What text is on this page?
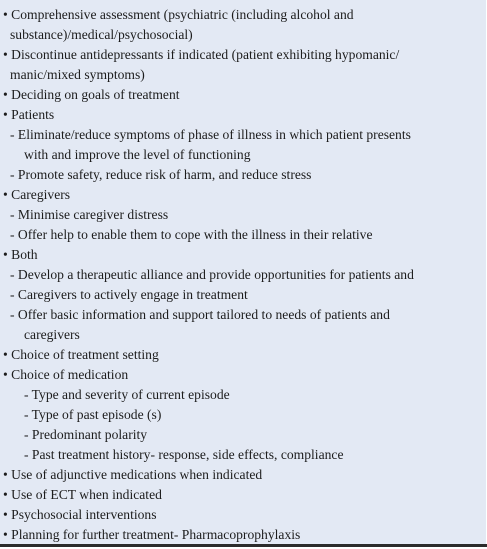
• Comprehensive assessment (psychiatric (including alcohol and
substance)/medical/psychosocial)
• Discontinue antidepressants if indicated (patient exhibiting hypomanic/
manic/mixed symptoms)
• Deciding on goals of treatment
• Patients
- Eliminate/reduce symptoms of phase of illness in which patient presents
with and improve the level of functioning
- Promote safety, reduce risk of harm, and reduce stress
• Caregivers
- Minimise caregiver distress
- Offer help to enable them to cope with the illness in their relative
• Both
- Develop a therapeutic alliance and provide opportunities for patients and
- Caregivers to actively engage in treatment
- Offer basic information and support tailored to needs of patients and
caregivers
• Choice of treatment setting
• Choice of medication
- Type and severity of current episode
- Type of past episode (s)
- Predominant polarity
- Past treatment history- response, side effects, compliance
• Use of adjunctive medications when indicated
• Use of ECT when indicated
• Psychosocial interventions
• Planning for further treatment- Pharmacoprophylaxis
